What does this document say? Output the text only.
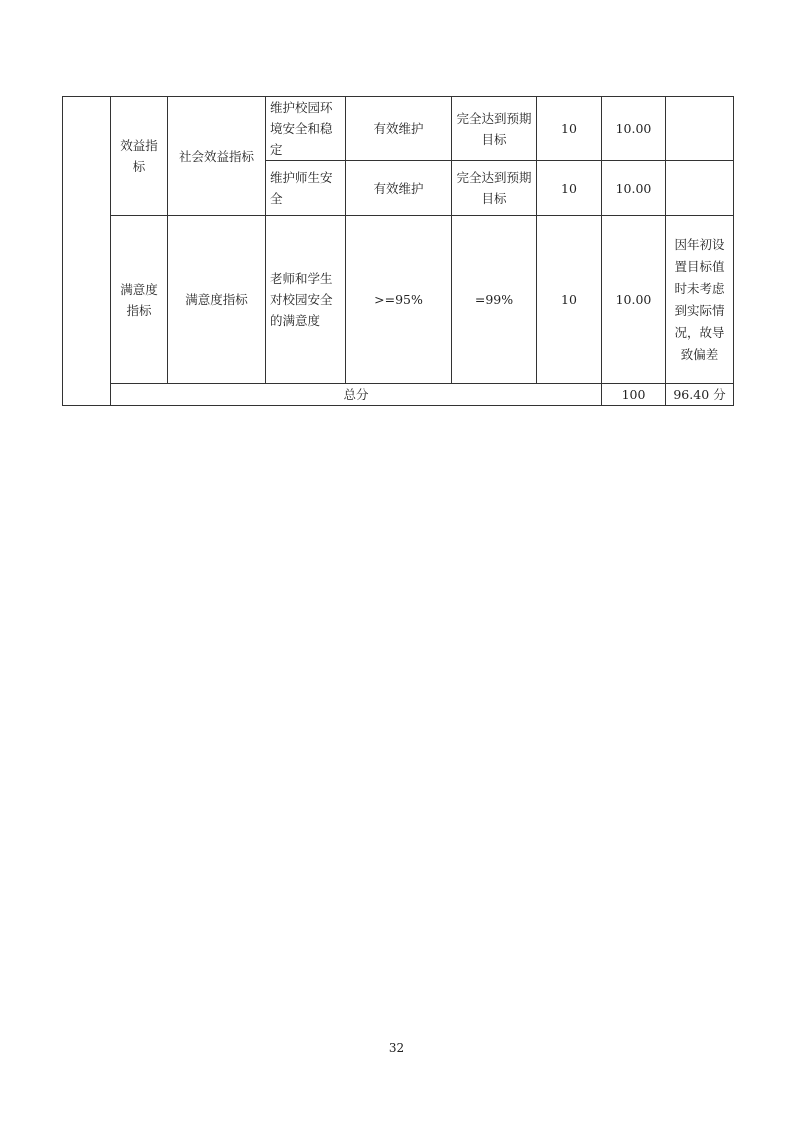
	效益指标	社会效益指标	维护校园环境安全和稳定	有效维护	完全达到预期目标	10	10.00		
			维护师生安全	有效维护	完全达到预期目标	10	10.00		
	满意度指标	满意度指标	老师和学生对校园安全的满意度	>=95%	=99%	10	10.00	因年初设置目标值时未考虑到实际情况，故导致偏差	
	总分						100	96.40 分	
32
